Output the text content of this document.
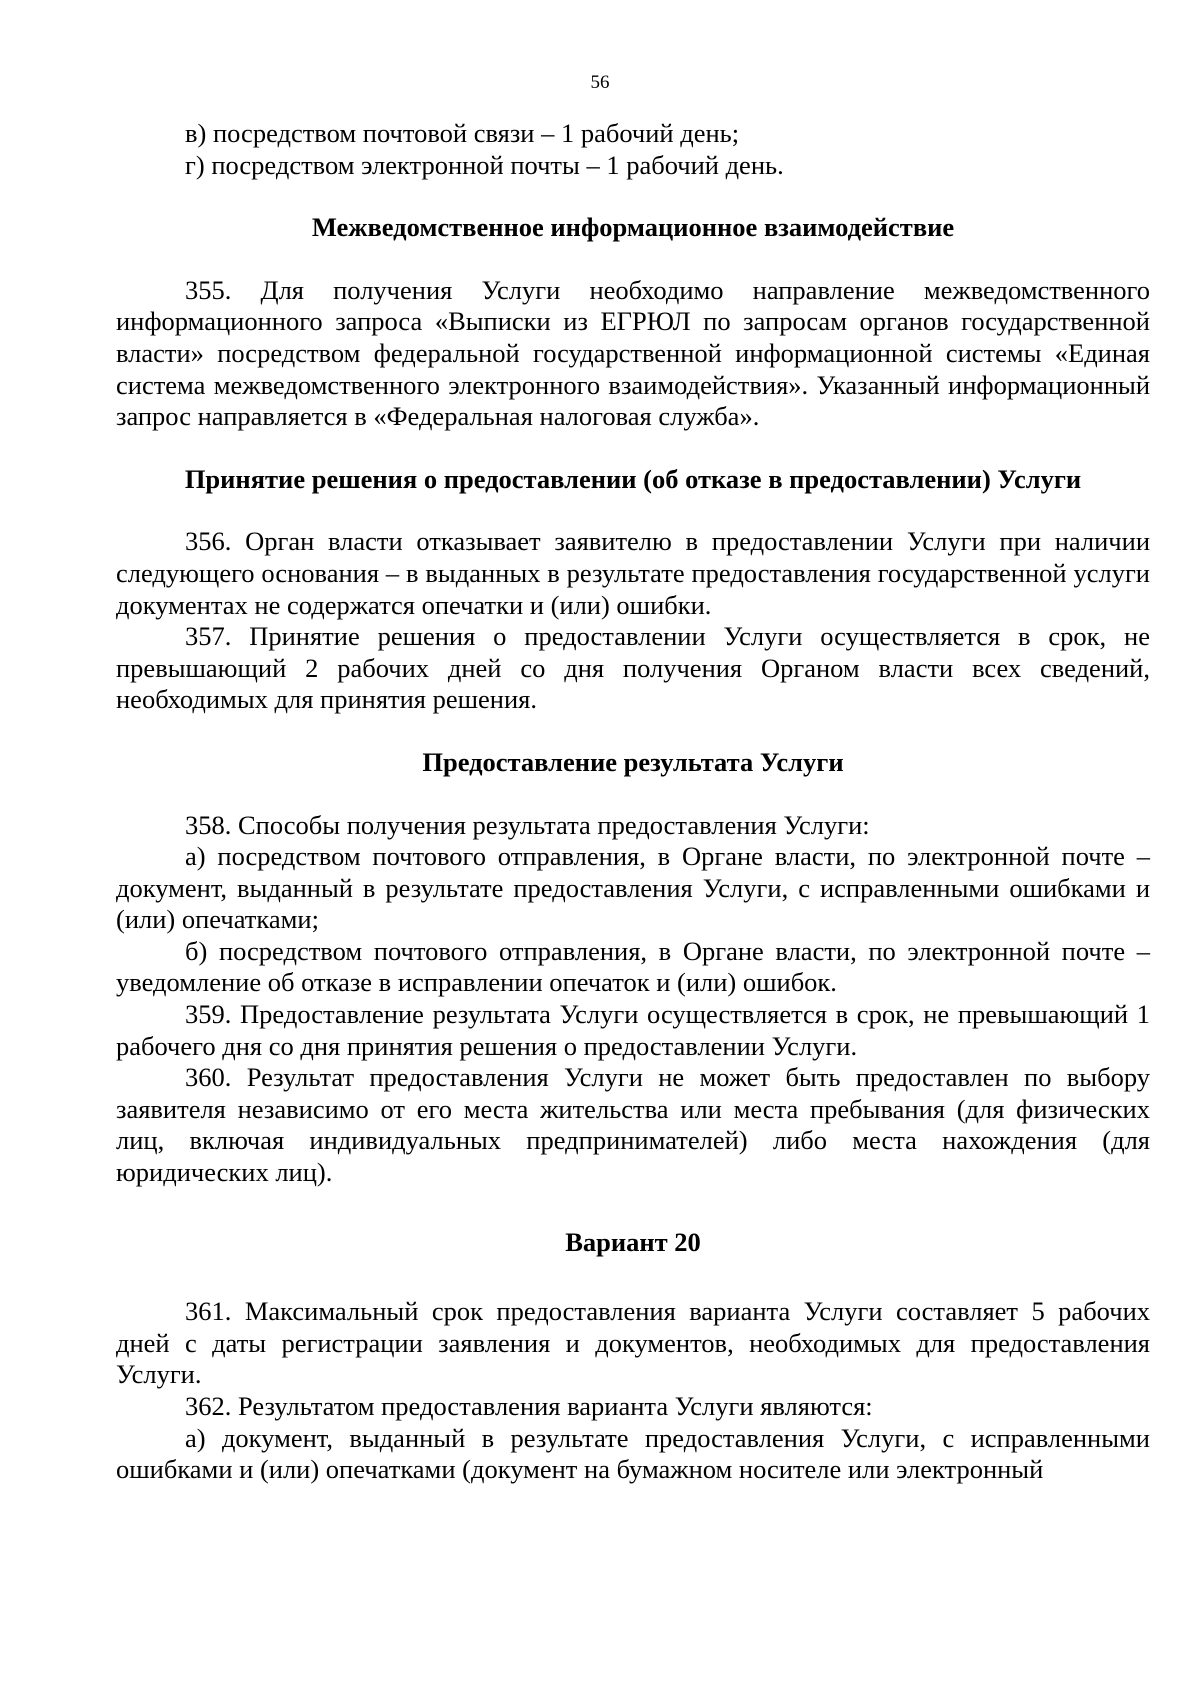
56

в) посредством почтовой связи – 1 рабочий день;

г) посредством электронной почты – 1 рабочий день.

Межведомственное информационное взаимодействие

355. Для получения Услуги необходимо направление межведомственного информационного запроса «Выписки из ЕГРЮЛ по запросам органов государственной власти» посредством федеральной государственной информационной системы «Единая система межведомственного электронного взаимодействия». Указанный информационный запрос направляется в «Федеральная налоговая служба».

Принятие решения о предоставлении (об отказе в предоставлении) Услуги

356. Орган власти отказывает заявителю в предоставлении Услуги при наличии следующего основания – в выданных в результате предоставления государственной услуги документах не содержатся опечатки и (или) ошибки.

357. Принятие решения о предоставлении Услуги осуществляется в срок, не превышающий 2 рабочих дней со дня получения Органом власти всех сведений, необходимых для принятия решения.

Предоставление результата Услуги

358. Способы получения результата предоставления Услуги:

а) посредством почтового отправления, в Органе власти, по электронной почте – документ, выданный в результате предоставления Услуги, с исправленными ошибками и (или) опечатками;

б) посредством почтового отправления, в Органе власти, по электронной почте – уведомление об отказе в исправлении опечаток и (или) ошибок.

359. Предоставление результата Услуги осуществляется в срок, не превышающий 1 рабочего дня со дня принятия решения о предоставлении Услуги.

360. Результат предоставления Услуги не может быть предоставлен по выбору заявителя независимо от его места жительства или места пребывания (для физических лиц, включая индивидуальных предпринимателей) либо места нахождения (для юридических лиц).

Вариант 20

361. Максимальный срок предоставления варианта Услуги составляет 5 рабочих дней с даты регистрации заявления и документов, необходимых для предоставления Услуги.

362. Результатом предоставления варианта Услуги являются:

а) документ, выданный в результате предоставления Услуги, с исправленными ошибками и (или) опечатками (документ на бумажном носителе или электронный
